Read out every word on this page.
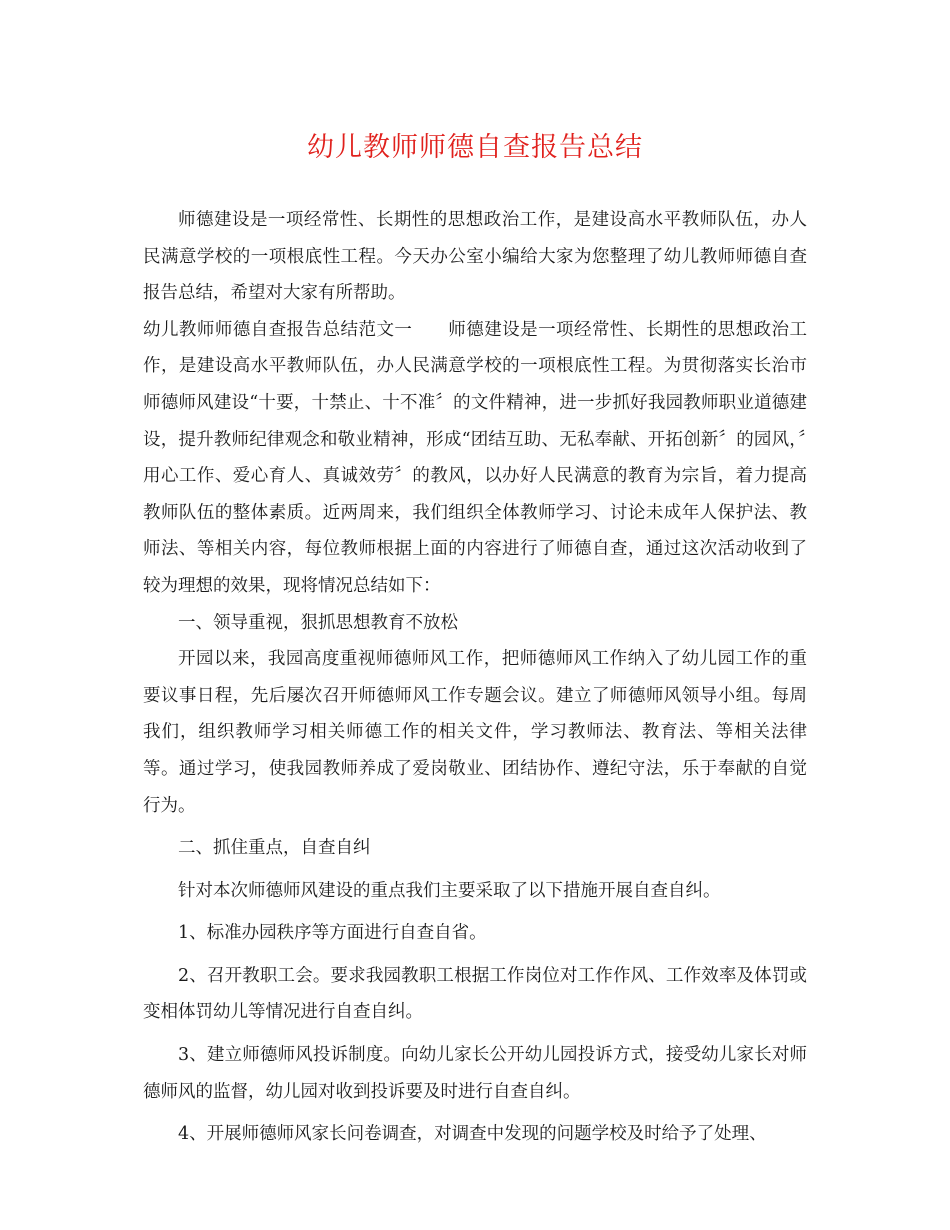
幼儿教师师德自查报告总结

师德建设是一项经常性、长期性的思想政治工作，是建设高水平教师队伍，办人民满意学校的一项根底性工程。今天办公室小编给大家为您整理了幼儿教师师德自查报告总结，希望对大家有所帮助。

幼儿教师师德自查报告总结范文一　　师德建设是一项经常性、长期性的思想政治工作，是建设高水平教师队伍，办人民满意学校的一项根底性工程。为贯彻落实长治市师德师风建设“十要，十禁止、十不准〞的文件精神，进一步抓好我园教师职业道德建设，提升教师纪律观念和敬业精神，形成“团结互助、无私奉献、开拓创新〞的园风，〞用心工作、爱心育人、真诚效劳〞的教风，以办好人民满意的教育为宗旨，着力提高教师队伍的整体素质。近两周来，我们组织全体教师学习、讨论未成年人保护法、教师法、等相关内容，每位教师根据上面的内容进行了师德自查，通过这次活动收到了较为理想的效果，现将情况总结如下：

一、领导重视，狠抓思想教育不放松

开园以来，我园高度重视师德师风工作，把师德师风工作纳入了幼儿园工作的重要议事日程，先后屡次召开师德师风工作专题会议。建立了师德师风领导小组。每周我们，组织教师学习相关师德工作的相关文件，学习教师法、教育法、等相关法律等。通过学习，使我园教师养成了爱岗敬业、团结协作、遵纪守法，乐于奉献的自觉行为。

二、抓住重点，自查自纠

针对本次师德师风建设的重点我们主要采取了以下措施开展自查自纠。

1、标准办园秩序等方面进行自查自省。

2、召开教职工会。要求我园教职工根据工作岗位对工作作风、工作效率及体罚或变相体罚幼儿等情况进行自查自纠。

3、建立师德师风投诉制度。向幼儿家长公开幼儿园投诉方式，接受幼儿家长对师德师风的监督，幼儿园对收到投诉要及时进行自查自纠。

4、开展师德师风家长问卷调查，对调查中发现的问题学校及时给予了处理、
